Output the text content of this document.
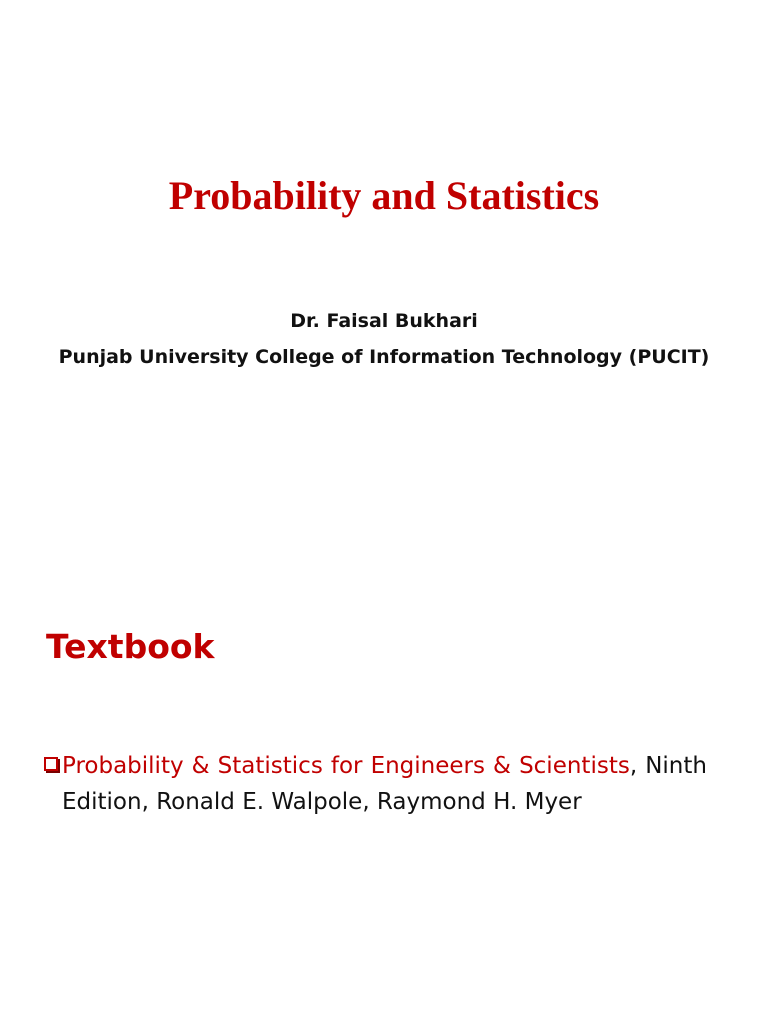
Probability and Statistics
Dr. Faisal Bukhari
Punjab University College of Information Technology (PUCIT)
Textbook
Probability & Statistics for Engineers & Scientists, Ninth Edition, Ronald E. Walpole, Raymond H. Myer
